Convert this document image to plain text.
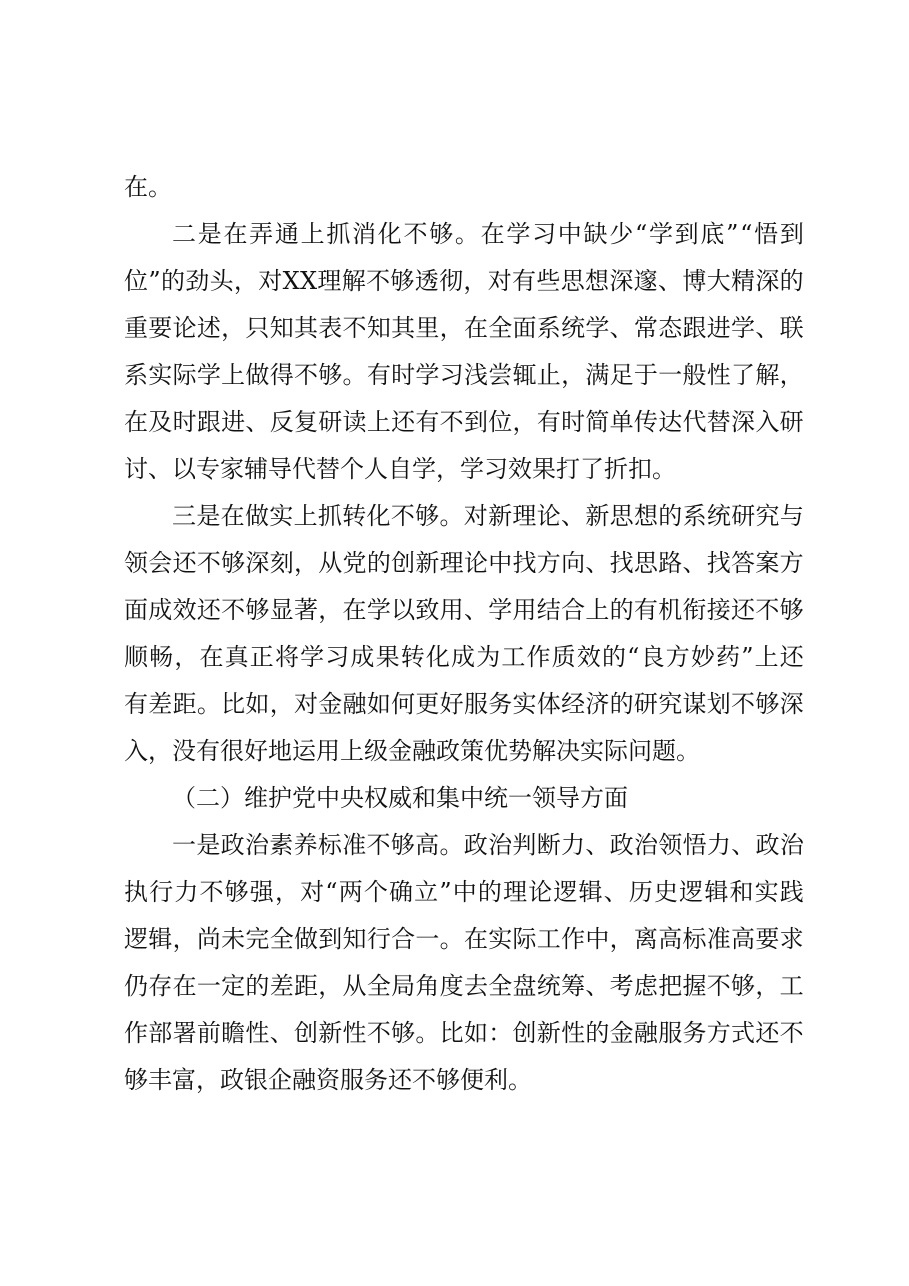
在。
二 是 在 弄 通 上 抓 消 化 不 够 。 在 学 习 中 缺 少 “ 学 到 底 ” “ 悟 到
位 ” 的 劲 头 ， 对 X X 理 解 不 够 透 彻 ， 对 有 些 思 想 深 邃 、 博 大 精 深 的
重 要 论 述 ， 只 知 其 表 不 知 其 里 ， 在 全 面 系 统 学 、 常 态 跟 进 学 、 联
系 实 际 学 上 做 得 不 够 。 有 时 学 习 浅 尝 辄 止 ， 满 足 于 一 般 性 了 解 ，
在 及 时 跟 进 、 反 复 研 读 上 还 有 不 到 位 ， 有 时 简 单 传 达 代 替 深 入 研
讨、以专家辅导代替个人自学，学习效果打了折扣。
三 是 在 做 实 上 抓 转 化 不 够 。 对 新 理 论 、 新 思 想 的 系 统 研 究 与
领 会 还 不 够 深 刻 ， 从 党 的 创 新 理 论 中 找 方 向 、 找 思 路 、 找 答 案 方
面 成 效 还 不 够 显 著 ， 在 学 以 致 用 、 学 用 结 合 上 的 有 机 衔 接 还 不 够
顺 畅 ， 在 真 正 将 学 习 成 果 转 化 成 为 工 作 质 效 的 “ 良 方 妙 药 ” 上 还
有 差 距 。 比 如 ， 对 金 融 如 何 更 好 服 务 实 体 经 济 的 研 究 谋 划 不 够 深
入，没有很好地运用上级金融政策优势解决实际问题。
（二）维护党中央权威和集中统一领导方面
一 是 政 治 素 养 标 准 不 够 高 。 政 治 判 断 力 、 政 治 领 悟 力 、 政 治
执 行 力 不 够 强 ， 对 “ 两 个 确 立 ” 中 的 理 论 逻 辑 、 历 史 逻 辑 和 实 践
逻 辑 ， 尚 未 完 全 做 到 知 行 合 一 。 在 实 际 工 作 中 ， 离 高 标 准 高 要 求
仍 存 在 一 定 的 差 距 ， 从 全 局 角 度 去 全 盘 统 筹 、 考 虑 把 握 不 够 ， 工
作 部 署 前 瞻 性 、 创 新 性 不 够 。 比 如 ： 创 新 性 的 金 融 服 务 方 式 还 不
够丰富，政银企融资服务还不够便利。
